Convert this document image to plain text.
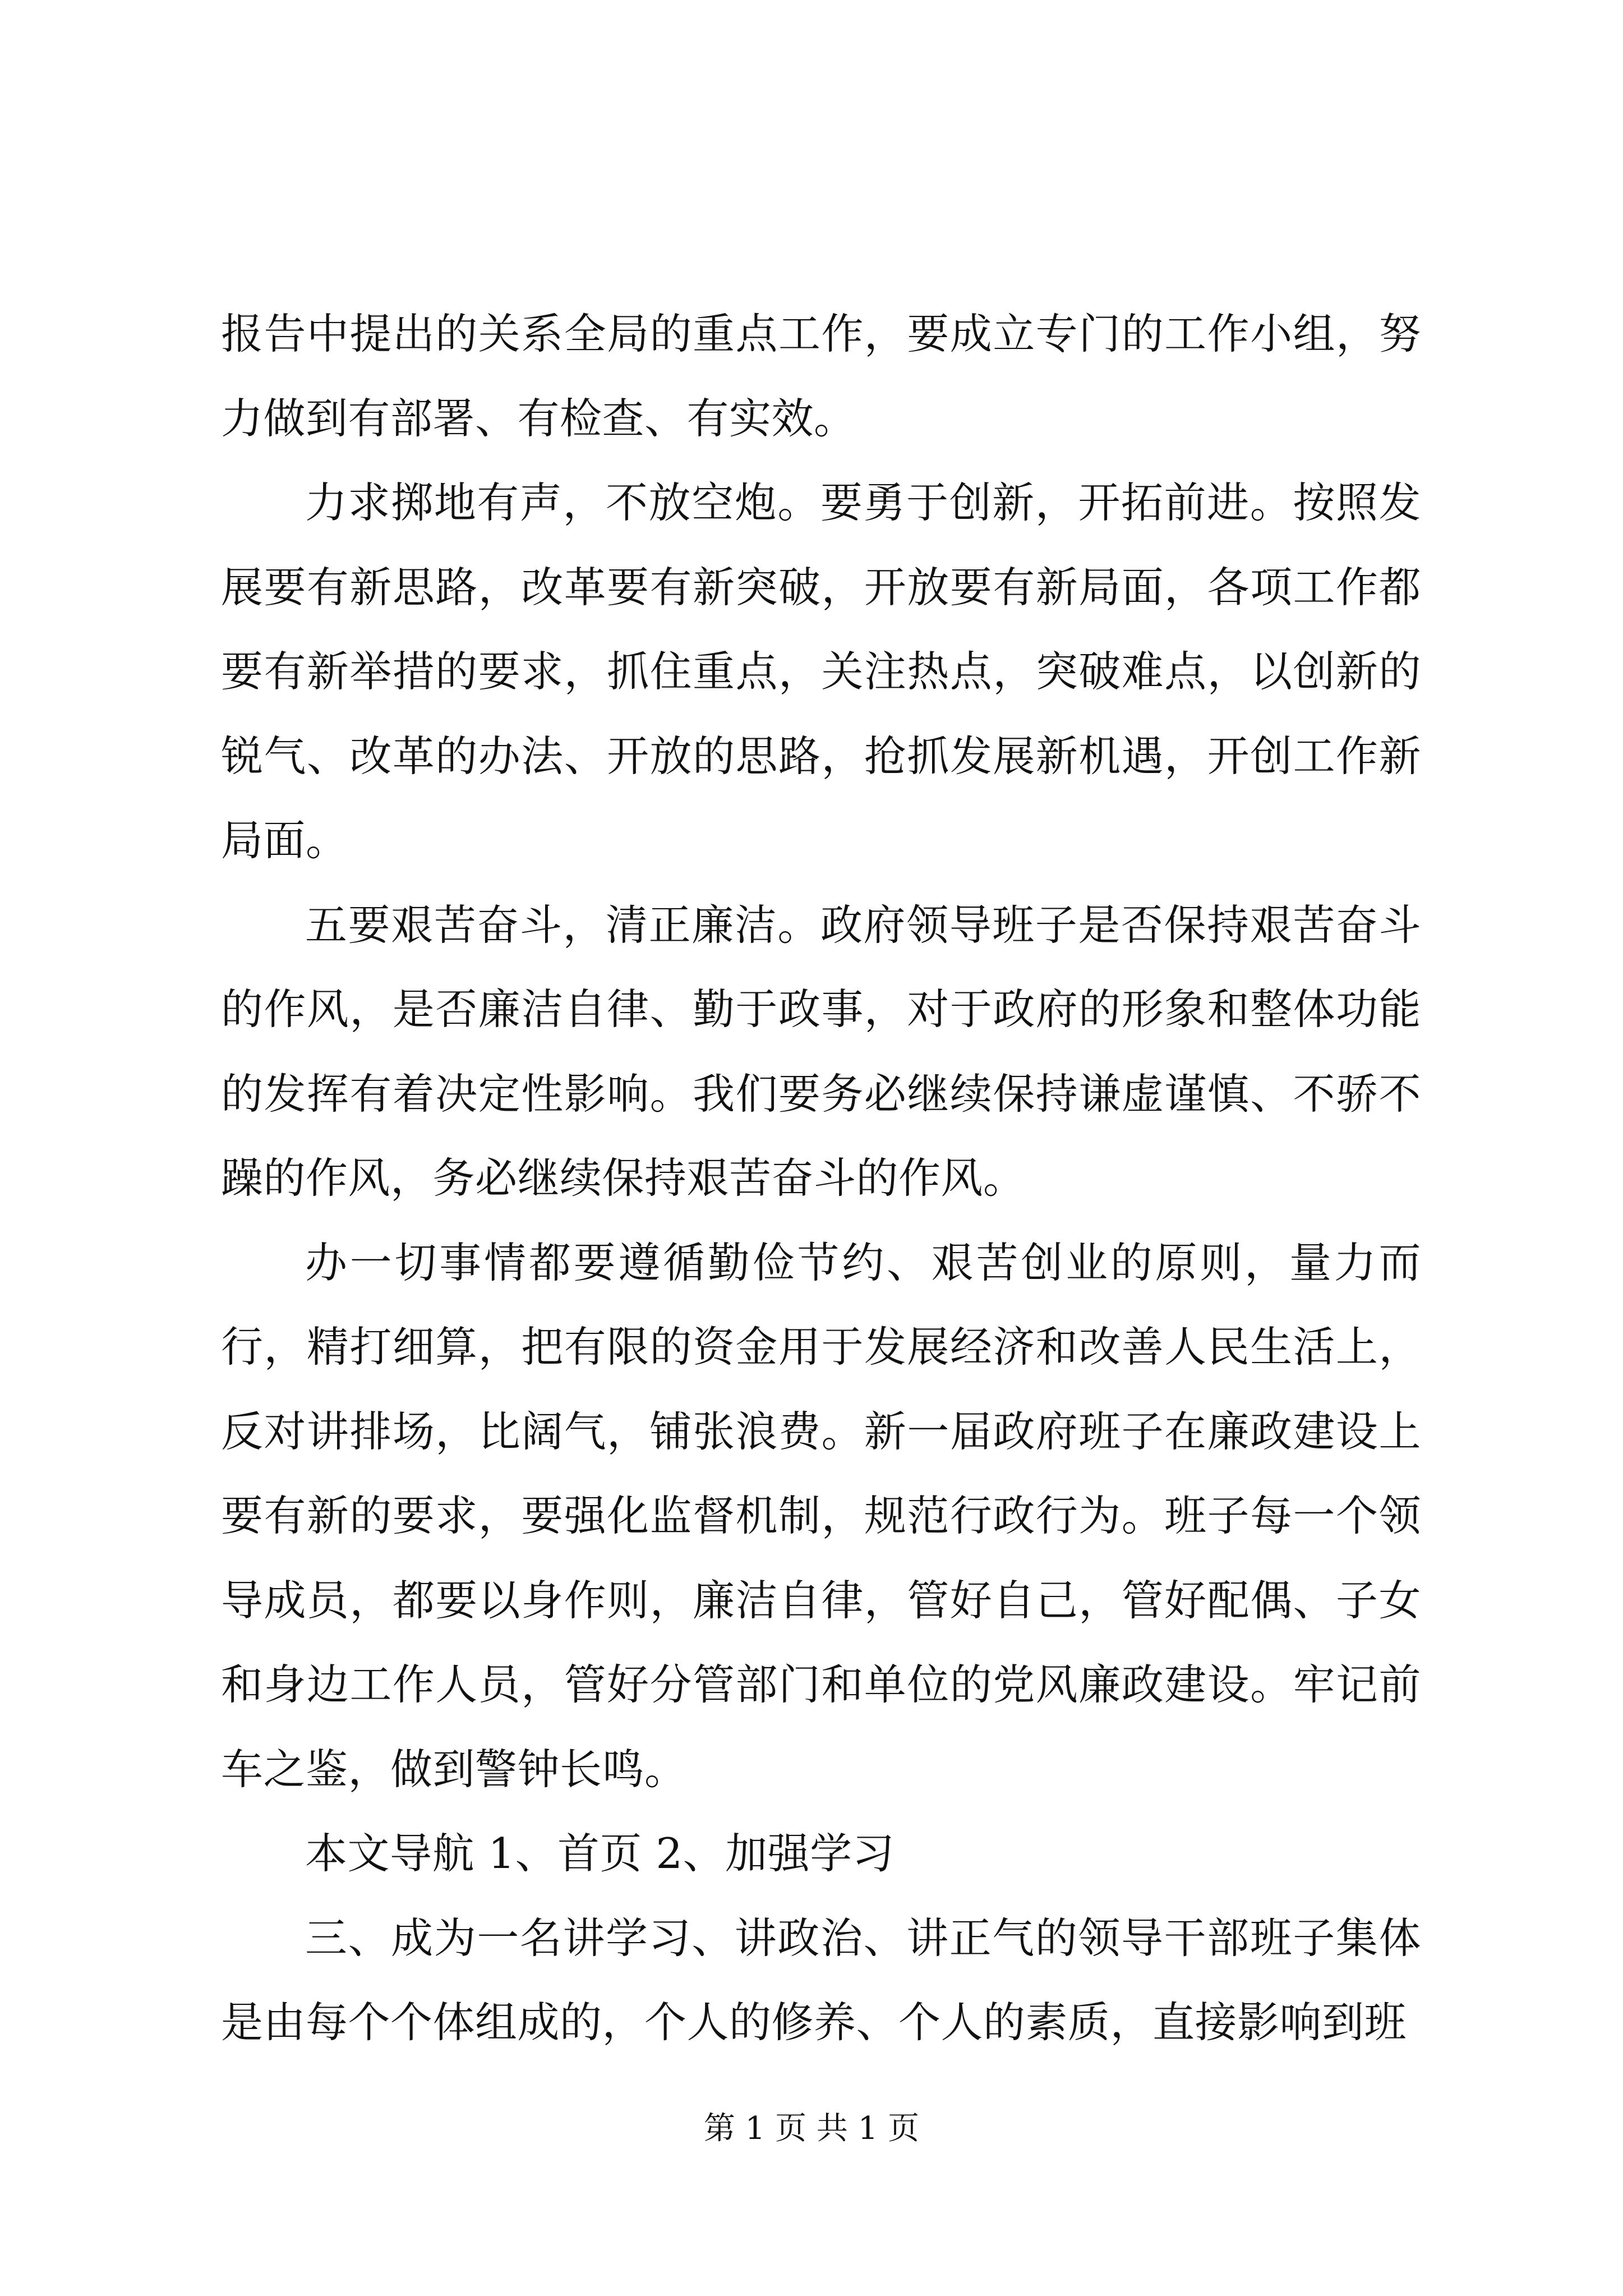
报告中提出的关系全局的重点工作，要成立专门的工作小组，努力做到有部署、有检查、有实效。

力求掷地有声，不放空炮。要勇于创新，开拓前进。按照发展要有新思路，改革要有新突破，开放要有新局面，各项工作都要有新举措的要求，抓住重点，关注热点，突破难点，以创新的锐气、改革的办法、开放的思路，抢抓发展新机遇，开创工作新局面。

五要艰苦奋斗，清正廉洁。政府领导班子是否保持艰苦奋斗的作风，是否廉洁自律、勤于政事，对于政府的形象和整体功能的发挥有着决定性影响。我们要务必继续保持谦虚谨慎、不骄不躁的作风，务必继续保持艰苦奋斗的作风。

办一切事情都要遵循勤俭节约、艰苦创业的原则，量力而行，精打细算，把有限的资金用于发展经济和改善人民生活上，反对讲排场，比阔气，铺张浪费。新一届政府班子在廉政建设上要有新的要求，要强化监督机制，规范行政行为。班子每一个领导成员，都要以身作则，廉洁自律，管好自己，管好配偶、子女和身边工作人员，管好分管部门和单位的党风廉政建设。牢记前车之鉴，做到警钟长鸣。

本文导航 1、首页 2、加强学习

三、成为一名讲学习、讲政治、讲正气的领导干部班子集体是由每个个体组成的，个人的修养、个人的素质，直接影响到班

第 1 页 共 1 页
